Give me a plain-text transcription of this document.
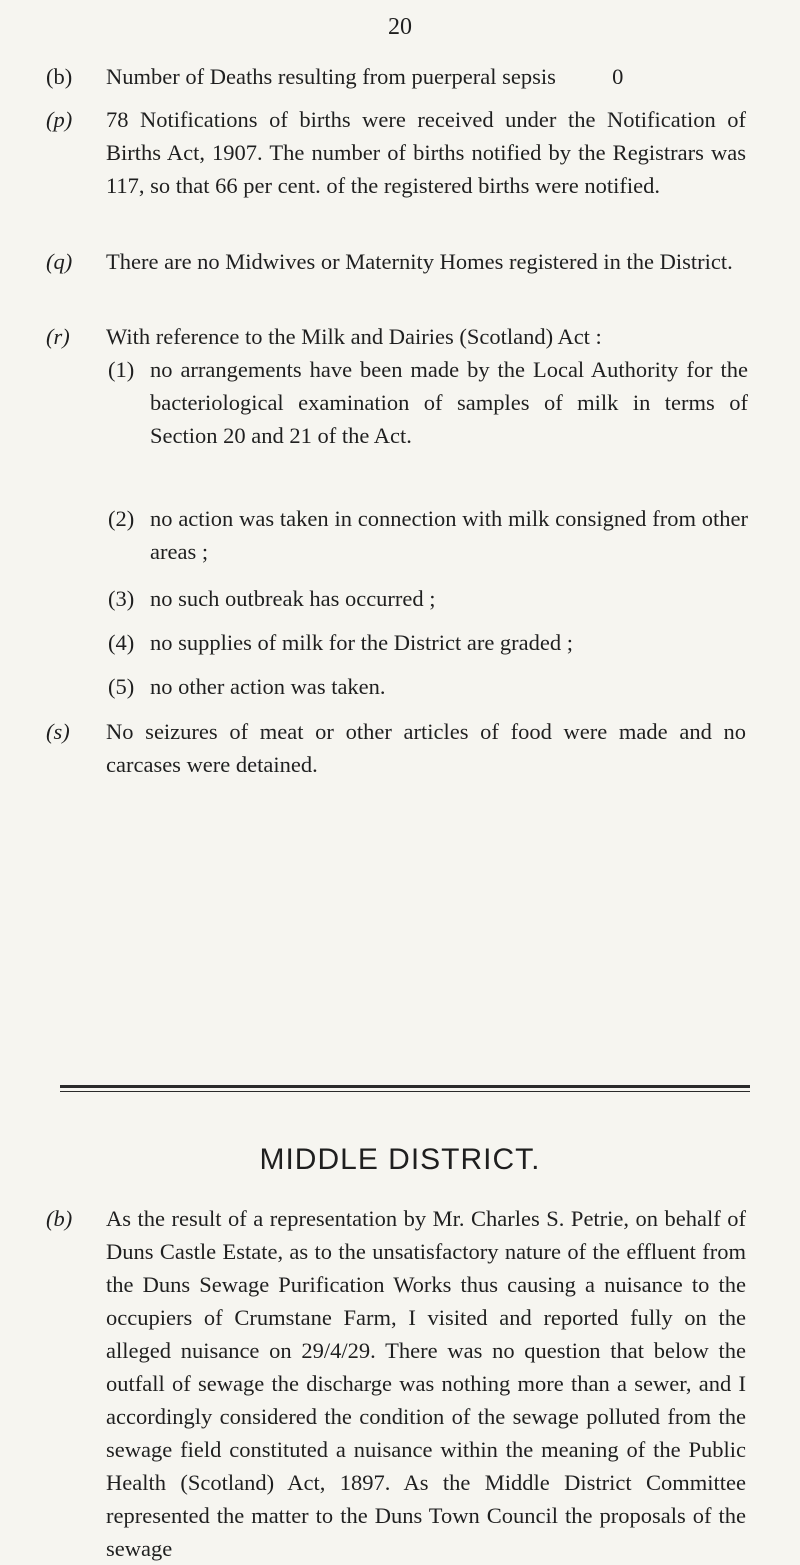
20
(b)	Number of Deaths resulting from puerperal sepsis          0
(p)	78 Notifications of births were received under the Notification of Births Act, 1907. The number of births notified by the Registrars was 117, so that 66 per cent. of the registered births were notified.
(q)	There are no Midwives or Maternity Homes registered in the District.
(r)	With reference to the Milk and Dairies (Scotland) Act :
(1) no arrangements have been made by the Local Authority for the bacteriological examination of samples of milk in terms of Section 20 and 21 of the Act.
(2) no action was taken in connection with milk consigned from other areas ;
(3) no such outbreak has occurred ;
(4) no supplies of milk for the District are graded ;
(5) no other action was taken.
(s)	No seizures of meat or other articles of food were made and no carcases were detained.
MIDDLE DISTRICT.
(b)	As the result of a representation by Mr. Charles S. Petrie, on behalf of Duns Castle Estate, as to the unsatisfactory nature of the effluent from the Duns Sewage Purification Works thus causing a nuisance to the occupiers of Crumstane Farm, I visited and reported fully on the alleged nuisance on 29/4/29. There was no question that below the outfall of sewage the discharge was nothing more than a sewer, and I accordingly considered the condition of the sewage polluted from the sewage field constituted a nuisance within the meaning of the Public Health (Scotland) Act, 1897. As the Middle District Committee represented the matter to the Duns Town Council the proposals of the sewage
